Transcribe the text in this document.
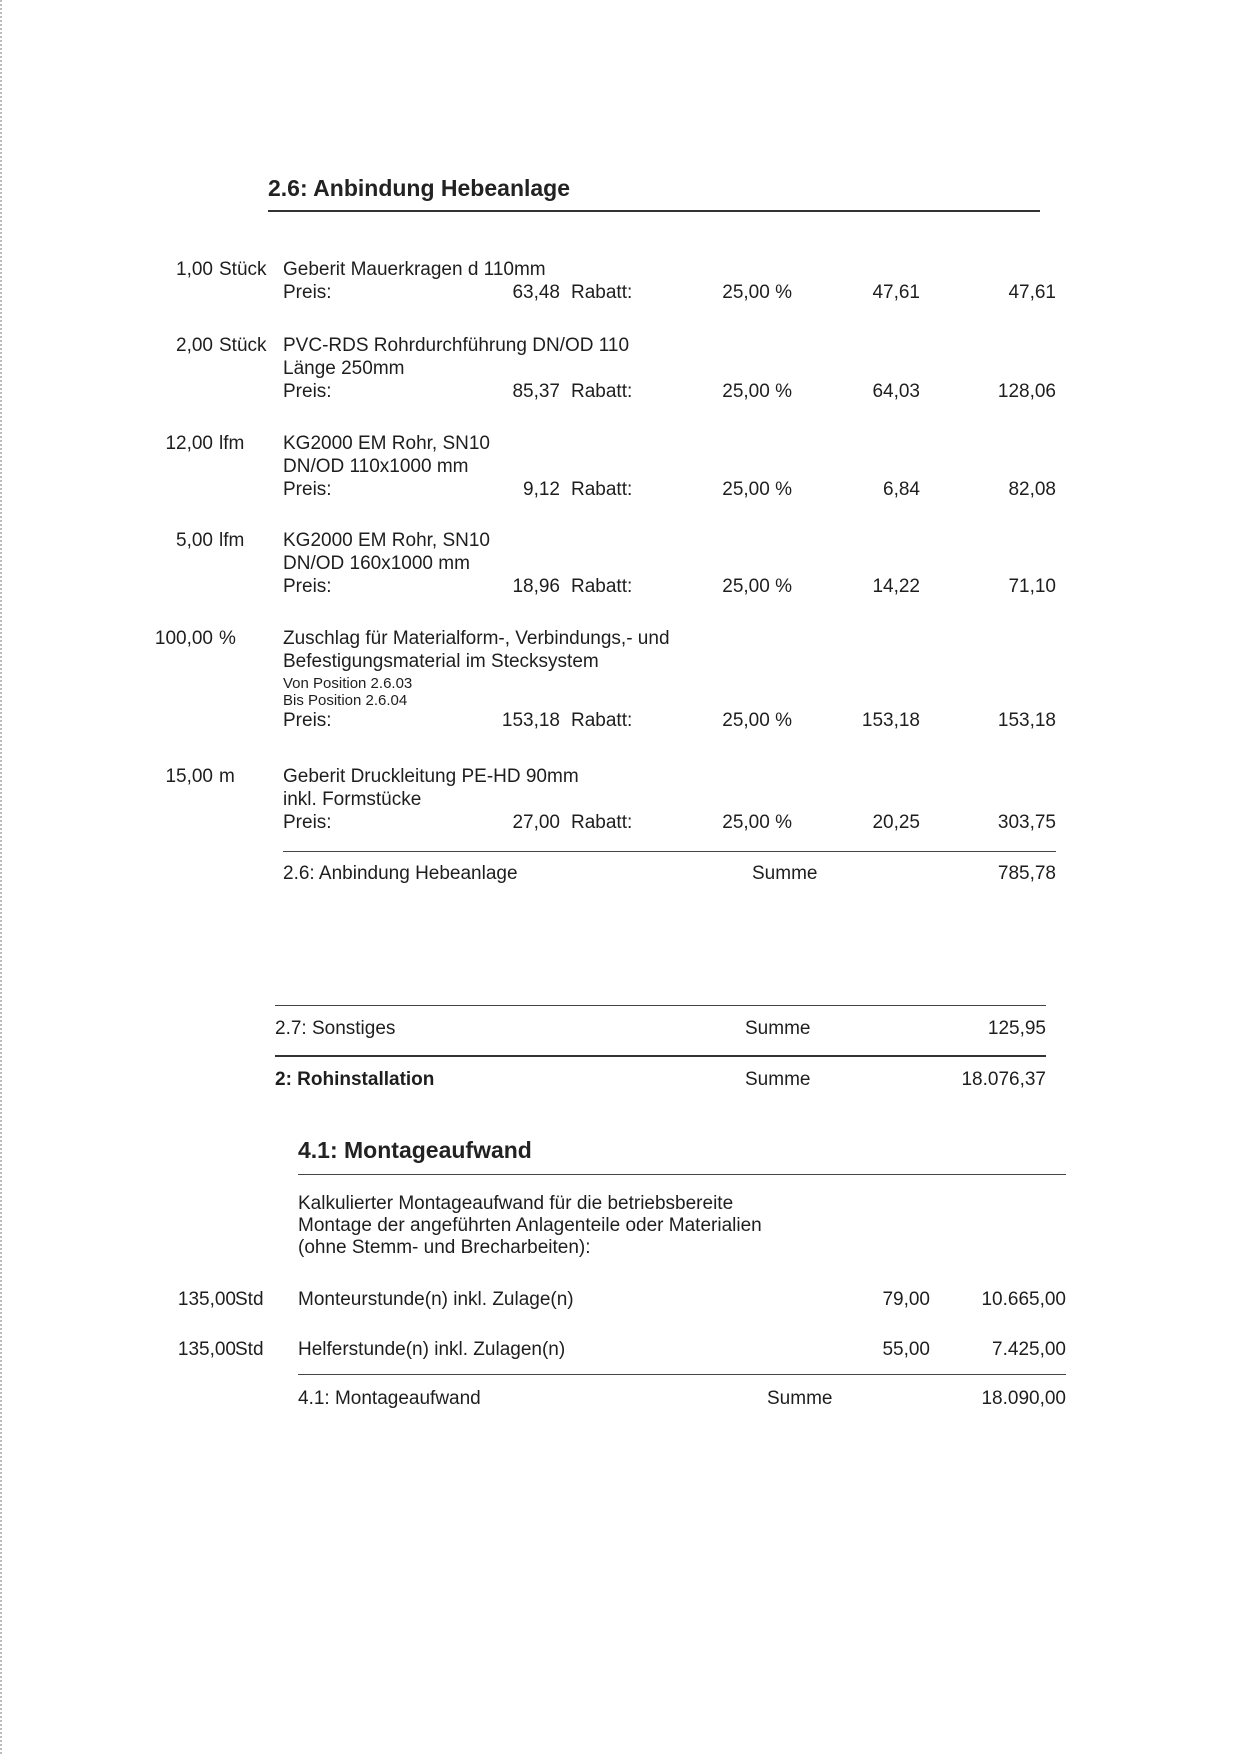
2.6: Anbindung Hebeanlage
1,00 Stück Geberit Mauerkragen d 110mm
Preis:	63,48 Rabatt:	25,00 %	47,61	47,61
2,00 Stück PVC-RDS Rohrdurchführung DN/OD 110
Länge 250mm
Preis:	85,37 Rabatt:	25,00 %	64,03	128,06
12,00 lfm KG2000 EM Rohr, SN10
DN/OD 110x1000 mm
Preis:	9,12 Rabatt:	25,00 %	6,84	82,08
5,00 lfm KG2000 EM Rohr, SN10
DN/OD 160x1000 mm
Preis:	18,96 Rabatt:	25,00 %	14,22	71,10
100,00 % Zuschlag für Materialform-, Verbindungs,- und
Befestigungsmaterial im Stecksystem
Von Position 2.6.03
Bis Position 2.6.04
Preis:	153,18 Rabatt:	25,00 %	153,18	153,18
15,00 m	Geberit Druckleitung PE-HD 90mm
inkl. Formstücke
Preis:	27,00 Rabatt:	25,00 %	20,25	303,75
2.6: Anbindung Hebeanlage	Summe	785,78
2.7: Sonstiges	Summe	125,95
2: Rohinstallation	Summe	18.076,37
4.1: Montageaufwand
Kalkulierter Montageaufwand für die betriebsbereite
Montage der angeführten Anlagenteile oder Materialien
(ohne Stemm- und Brecharbeiten):
135,00 Std Monteurstunde(n) inkl. Zulage(n)	79,00	10.665,00
135,00 Std Helferstunde(n) inkl. Zulagen(n)	55,00	7.425,00
4.1: Montageaufwand	Summe	18.090,00
